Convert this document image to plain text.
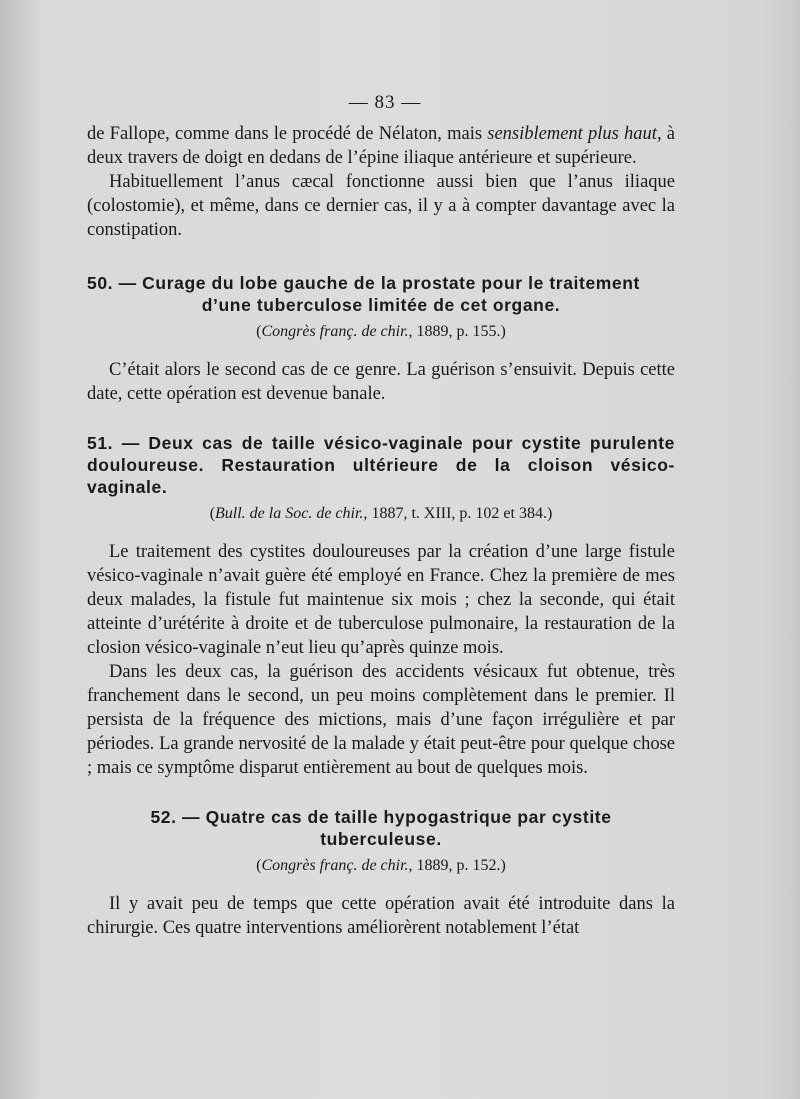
— 83 —

de Fallope, comme dans le procédé de Nélaton, mais sensiblement plus haut, à deux travers de doigt en dedans de l’épine iliaque antérieure et supérieure.

Habituellement l’anus cæcal fonctionne aussi bien que l’anus iliaque (colostomie), et même, dans ce dernier cas, il y a à compter davantage avec la constipation.

50. — Curage du lobe gauche de la prostate pour le traitement
d’une tuberculose limitée de cet organe.
(Congrès franç. de chir., 1889, p. 155.)

C’était alors le second cas de ce genre. La guérison s’ensuivit. Depuis cette date, cette opération est devenue banale.

51. — Deux cas de taille vésico-vaginale pour cystite purulente douloureuse. Restauration ultérieure de la cloison vésico-vaginale.
(Bull. de la Soc. de chir., 1887, t. XIII, p. 102 et 384.)

Le traitement des cystites douloureuses par la création d’une large fistule vésico-vaginale n’avait guère été employé en France. Chez la première de mes deux malades, la fistule fut maintenue six mois ; chez la seconde, qui était atteinte d’urétérite à droite et de tuberculose pulmonaire, la restauration de la closion vésico-vaginale n’eut lieu qu’après quinze mois.

Dans les deux cas, la guérison des accidents vésicaux fut obtenue, très franchement dans le second, un peu moins complètement dans le premier. Il persista de la fréquence des mictions, mais d’une façon irrégulière et par périodes. La grande nervosité de la malade y était peut-être pour quelque chose ; mais ce symptôme disparut entièrement au bout de quelques mois.

52. — Quatre cas de taille hypogastrique par cystite
tuberculeuse.
(Congrès franç. de chir., 1889, p. 152.)

Il y avait peu de temps que cette opération avait été introduite dans la chirurgie. Ces quatre interventions améliorèrent notablement l’état
